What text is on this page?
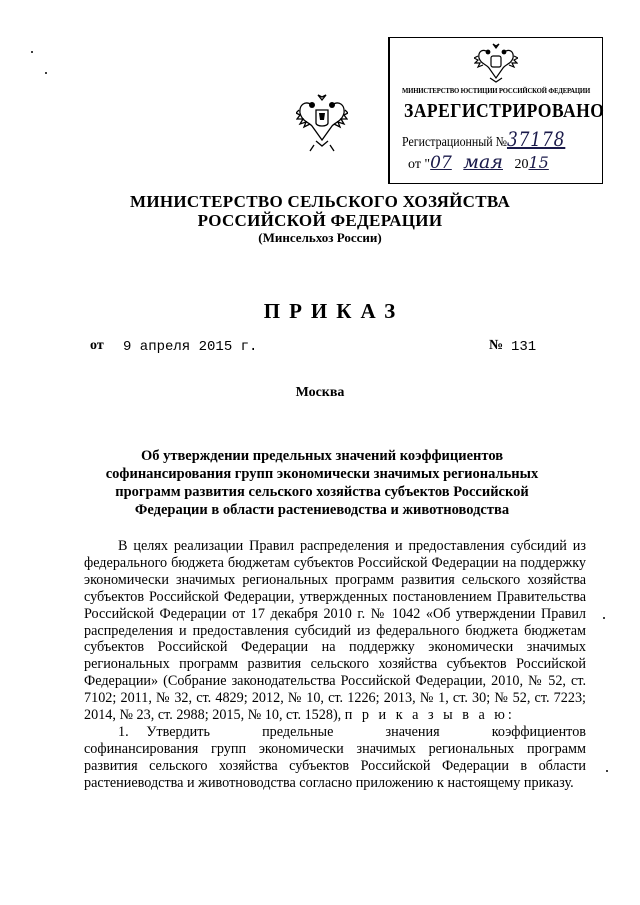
МИНИСТЕРСТВО ЮСТИЦИИ РОССИЙСКОЙ ФЕДЕРАЦИИ
ЗАРЕГИСТРИРОВАНО
Регистрационный №37178
от "07 мая 2015
МИНИСТЕРСТВО СЕЛЬСКОГО ХОЗЯЙСТВА
РОССИЙСКОЙ ФЕДЕРАЦИИ
(Минсельхоз России)
ПРИКАЗ
от 9 апреля 2015 г.	№ 131
Москва
Об утверждении предельных значений коэффициентов
софинансирования групп экономически значимых региональных
программ развития сельского хозяйства субъектов Российской
Федерации в области растениеводства и животноводства

В целях реализации Правил распределения и предоставления субсидий из федерального бюджета бюджетам субъектов Российской Федерации на поддержку экономически значимых региональных программ развития сельского хозяйства субъектов Российской Федерации, утвержденных постановлением Правительства Российской Федерации от 17 декабря 2010 г. № 1042 «Об утверждении Правил распределения и предоставления субсидий из федерального бюджета бюджетам субъектов Российской Федерации на поддержку экономически значимых региональных программ развития сельского хозяйства субъектов Российской Федерации» (Собрание законодательства Российской Федерации, 2010, № 52, ст. 7102; 2011, № 32, ст. 4829; 2012, № 10, ст. 1226; 2013, № 1, ст. 30; № 52, ст. 7223; 2014, № 23, ст. 2988; 2015, № 10, ст. 1528), п р и к а з ы в а ю:

1. Утвердить	предельные	значения	коэффициентов

софинансирования групп экономически значимых региональных программ развития сельского хозяйства субъектов Российской Федерации в области растениеводства и животноводства согласно приложению к настоящему приказу.
